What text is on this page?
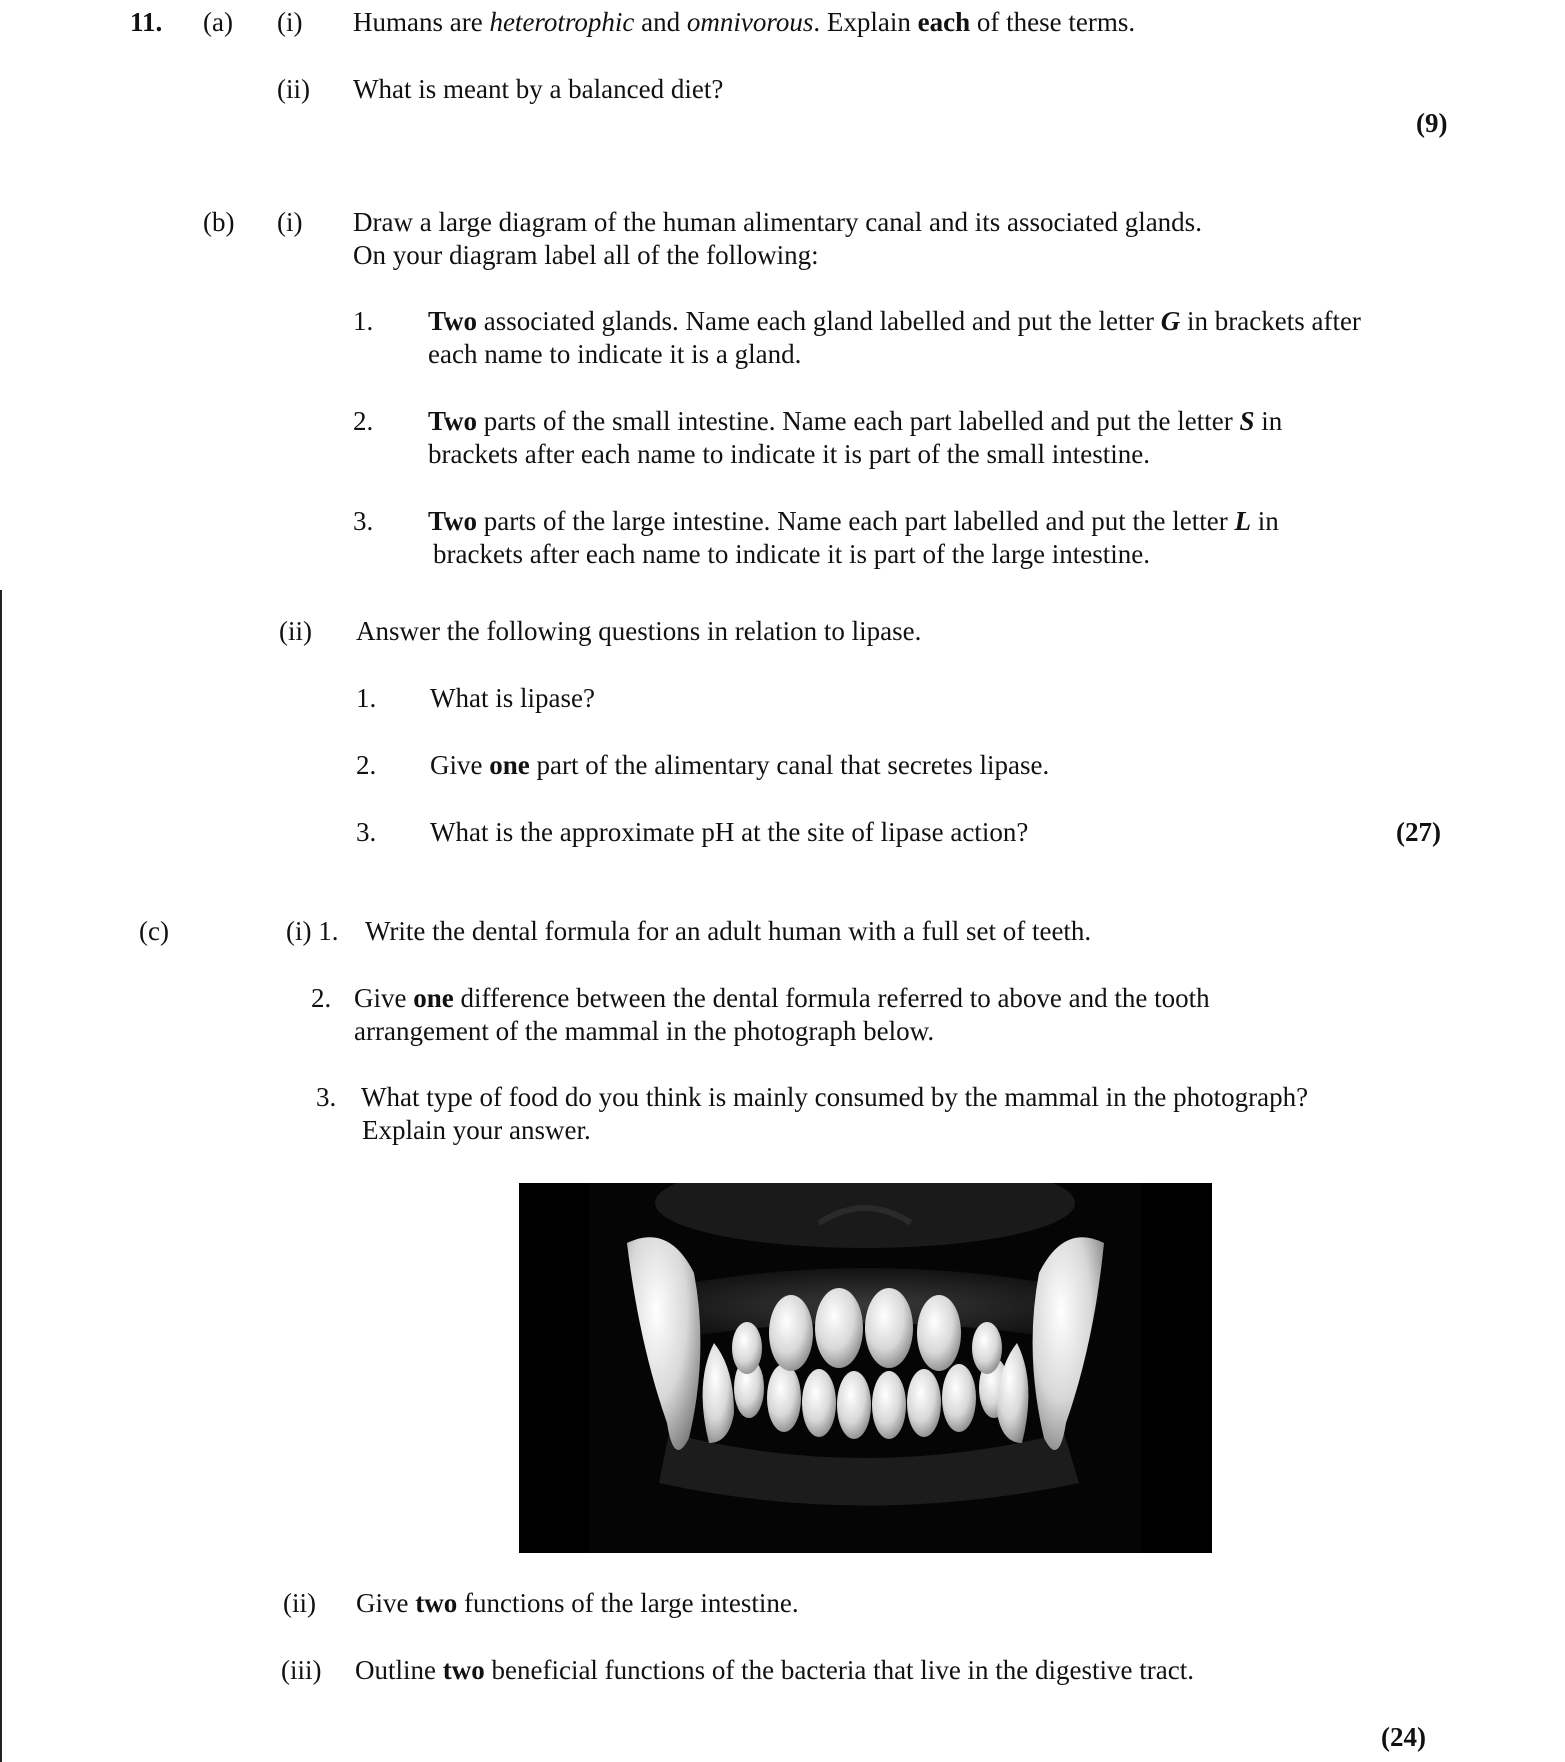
11. (a) (i) Humans are heterotrophic and omnivorous. Explain each of these terms.
(ii) What is meant by a balanced diet?
(9)
(b) (i) Draw a large diagram of the human alimentary canal and its associated glands.
On your diagram label all of the following:
1. Two associated glands. Name each gland labelled and put the letter G in brackets after
each name to indicate it is a gland.
2. Two parts of the small intestine. Name each part labelled and put the letter S in
brackets after each name to indicate it is part of the small intestine.
3. Two parts of the large intestine. Name each part labelled and put the letter L in
brackets after each name to indicate it is part of the large intestine.
(ii) Answer the following questions in relation to lipase.
1. What is lipase?
2. Give one part of the alimentary canal that secretes lipase.
3. What is the approximate pH at the site of lipase action?	(27)
(c)	(i) 1. Write the dental formula for an adult human with a full set of teeth.
2. Give one difference between the dental formula referred to above and the tooth
arrangement of the mammal in the photograph below.
3. What type of food do you think is mainly consumed by the mammal in the photograph?
Explain your answer.
(ii) Give two functions of the large intestine.
(iii) Outline two beneficial functions of the bacteria that live in the digestive tract.
(24)
